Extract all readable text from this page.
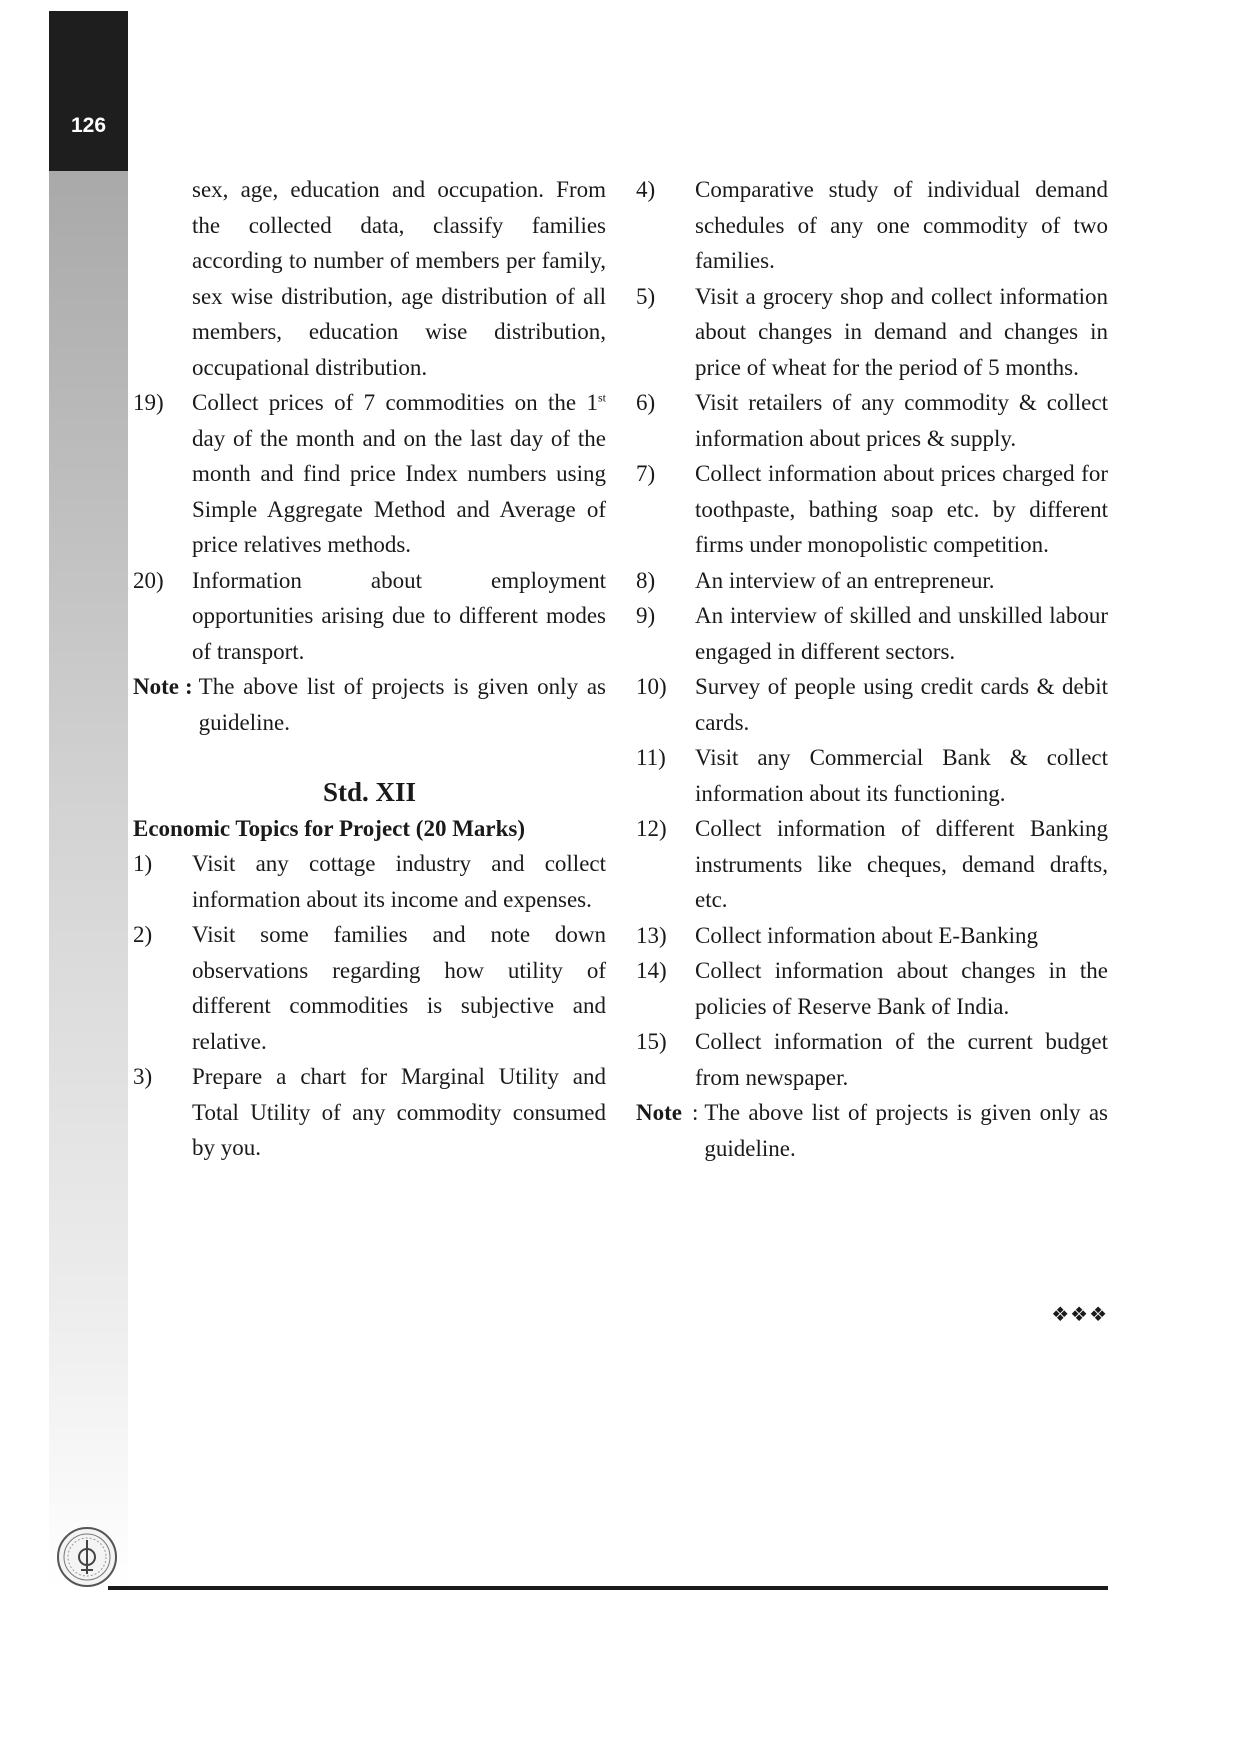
126
sex, age, education and occupation. From the collected data, classify families according to number of members per family, sex wise distribution, age distribution of all members, education wise distribution, occupational distribution.
19)	Collect prices of 7 commodities on the 1st day of the month and on the last day of the month and find price Index numbers using Simple Aggregate Method and Average of price relatives methods.
20)	Information about employment opportunities arising due to different modes of transport.
Note : The above list of projects is given only as guideline.
Std. XII
Economic Topics for Project (20 Marks)
1)	Visit any cottage industry and collect information about its income and expenses.
2)	Visit some families and note down observations regarding how utility of different commodities is subjective and relative.
3)	Prepare a chart for Marginal Utility and Total Utility of any commodity consumed by you.
4)	Comparative study of individual demand schedules of any one commodity of two families.
5)	Visit a grocery shop and collect information about changes in demand and changes in price of wheat for the period of 5 months.
6)	Visit retailers of any commodity & collect information about prices & supply.
7)	Collect information about prices charged for toothpaste, bathing soap etc. by different firms under monopolistic competition.
8)	An interview of an entrepreneur.
9)	An interview of skilled and unskilled labour engaged in different sectors.
10)	Survey of people using credit cards & debit cards.
11)	Visit any Commercial Bank & collect information about its functioning.
12)	Collect information of different Banking instruments like cheques, demand drafts, etc.
13)	Collect information about E-Banking
14)	Collect information about changes in the policies of Reserve Bank of India.
15)	Collect information of the current budget from newspaper.
Note : The above list of projects is given only as guideline.
❖❖❖
